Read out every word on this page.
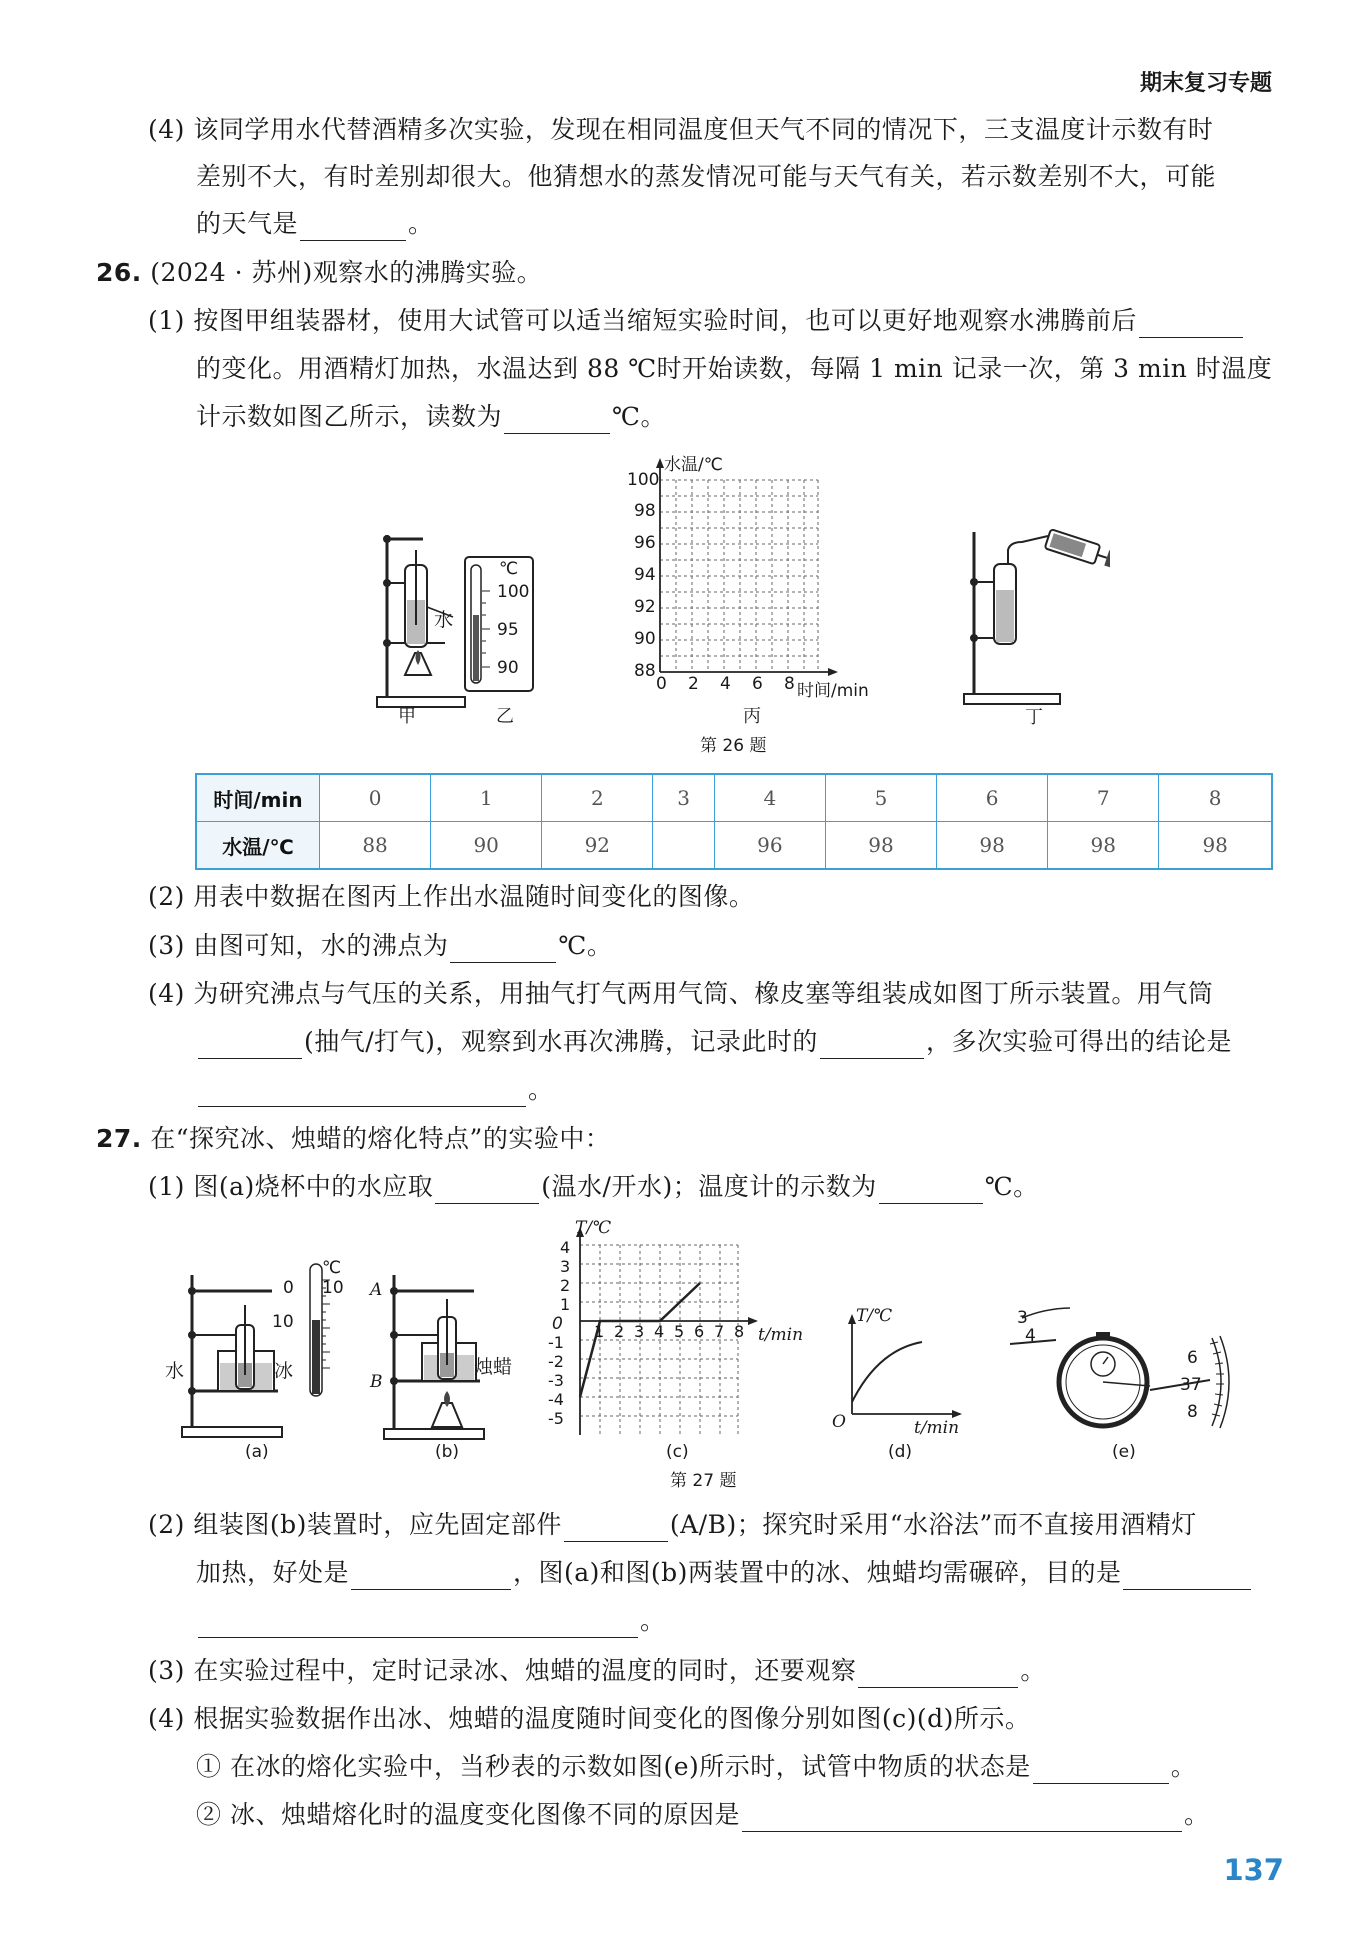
期末复习专题
(4) 该同学用水代替酒精多次实验，发现在相同温度但天气不同的情况下，三支温度计示数有时
差别不大，有时差别却很大。他猜想水的蒸发情况可能与天气有关，若示数差别不大，可能
的天气是	。
26. (2024 · 苏州)观察水的沸腾实验。
(1) 按图甲组装器材，使用大试管可以适当缩短实验时间，也可以更好地观察水沸腾前后
的变化。用酒精灯加热，水温达到 88 ℃时开始读数，每隔 1 min 记录一次，第 3 min 时温度
计示数如图乙所示，读数为	℃。
水
甲
℃
100
95
90
乙
水温/℃
100
98
96
94
92
90
88
0 2 4 6 8 时间/min
丙	丁
第 26 题
时间/min	0	1	2	3	4	5	6	7	8
水温/℃	88	90	92		96	98	98	98	98
(2) 用表中数据在图丙上作出水温随时间变化的图像。
(3) 由图可知，水的沸点为	℃。
(4) 为研究沸点与气压的关系，用抽气打气两用气筒、橡皮塞等组装成如图丁所示装置。用气筒
(抽气/打气)，观察到水再次沸腾，记录此时的	，多次实验可得出的结论是
。
27. 在“探究冰、烛蜡的熔化特点”的实验中：
(1) 图(a)烧杯中的水应取	(温水/开水)；温度计的示数为	℃。
℃
0 10
10
水	冰
(a)
A
B
烛蜡
(b)
T/℃
4
3
2
1
0
-1
-2
-3
-4
-5
1 2 3 4 5 6 7 8 t/min
(c)
第 27 题
T/℃
O	t/min
(d)
3
4
6
37
8
(e)
(2) 组装图(b)装置时，应先固定部件	(A/B)；探究时采用“水浴法”而不直接用酒精灯
加热，好处是	，图(a)和图(b)两装置中的冰、烛蜡均需碾碎，目的是
。
(3) 在实验过程中，定时记录冰、烛蜡的温度的同时，还要观察	。
(4) 根据实验数据作出冰、烛蜡的温度随时间变化的图像分别如图(c)(d)所示。
① 在冰的熔化实验中，当秒表的示数如图(e)所示时，试管中物质的状态是	。
② 冰、烛蜡熔化时的温度变化图像不同的原因是	。
137
